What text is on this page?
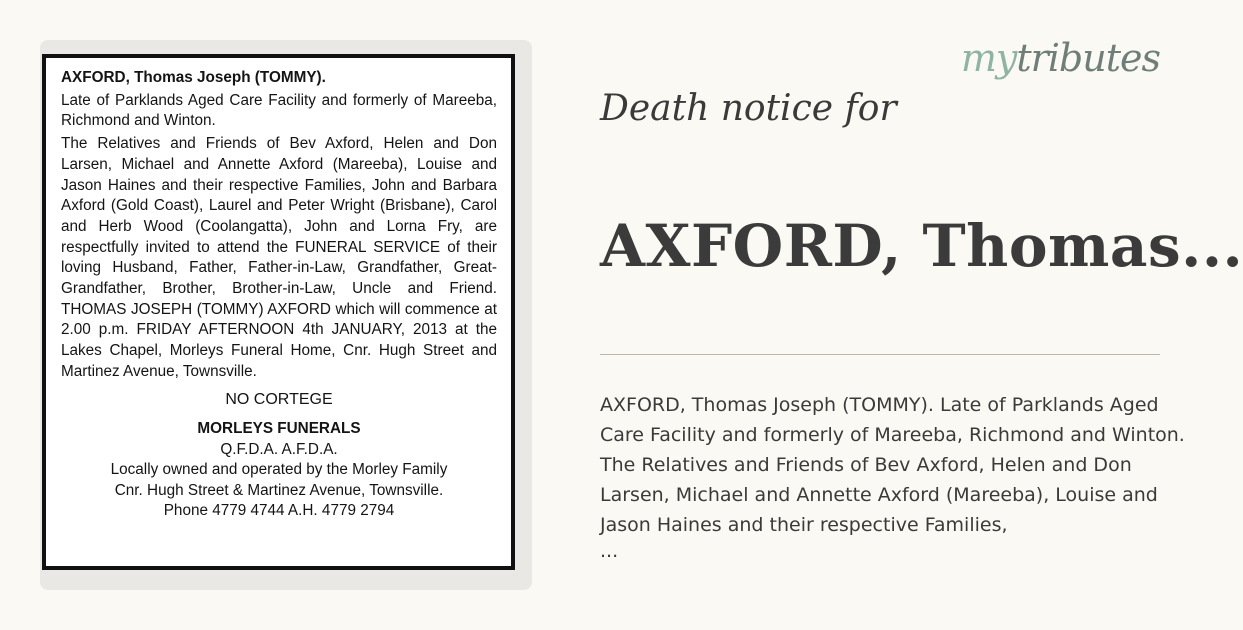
AXFORD, Thomas Joseph (TOMMY).

Late of Parklands Aged Care Facility and formerly of Mareeba, Richmond and Winton.

The Relatives and Friends of Bev Axford, Helen and Don Larsen, Michael and Annette Axford (Mareeba), Louise and Jason Haines and their respective Families, John and Barbara Axford (Gold Coast), Laurel and Peter Wright (Brisbane), Carol and Herb Wood (Coolangatta), John and Lorna Fry, are respectfully invited to attend the FUNERAL SERVICE of their loving Husband, Father, Father-in-Law, Grandfather, Great-Grandfather, Brother, Brother-in-Law, Uncle and Friend. THOMAS JOSEPH (TOMMY) AXFORD which will commence at 2.00 p.m. FRIDAY AFTERNOON 4th JANUARY, 2013 at the Lakes Chapel, Morleys Funeral Home, Cnr. Hugh Street and Martinez Avenue, Townsville.

NO CORTEGE

MORLEYS FUNERALS

Q.F.D.A. A.F.D.A.

Locally owned and operated by the Morley Family

Cnr. Hugh Street & Martinez Avenue, Townsville.

Phone 4779 4744 A.H. 4779 2794

mytributes
Death notice for
AXFORD, Thomas...

AXFORD, Thomas Joseph (TOMMY). Late of Parklands Aged Care Facility and formerly of Mareeba, Richmond and Winton. The Relatives and Friends of Bev Axford, Helen and Don Larsen, Michael and Annette Axford (Mareeba), Louise and Jason Haines and their respective Families,

...
